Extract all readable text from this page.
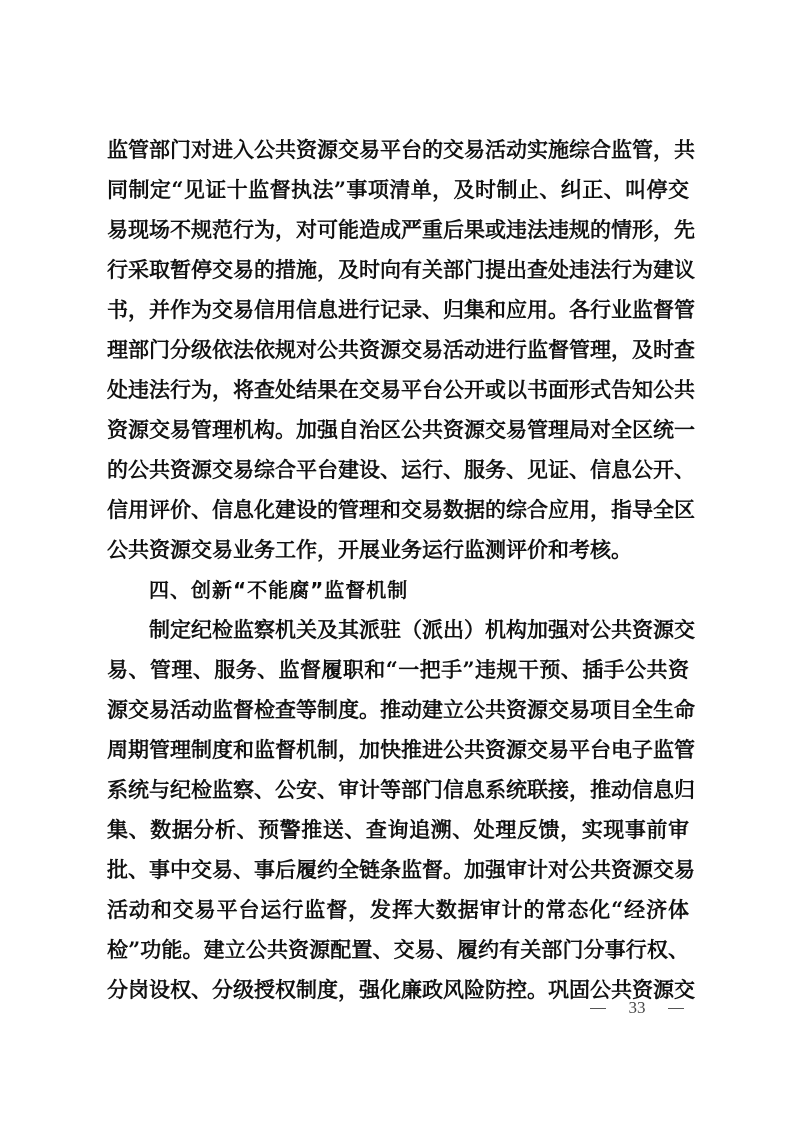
监管部门对进入公共资源交易平台的交易活动实施综合监管，共
同制定“见证十监督执法”事项清单，及时制止、纠正、叫停交
易现场不规范行为，对可能造成严重后果或违法违规的情形，先
行采取暂停交易的措施，及时向有关部门提出查处违法行为建议
书，并作为交易信用信息进行记录、归集和应用。各行业监督管
理部门分级依法依规对公共资源交易活动进行监督管理，及时查
处违法行为，将查处结果在交易平台公开或以书面形式告知公共
资源交易管理机构。加强自治区公共资源交易管理局对全区统一
的公共资源交易综合平台建设、运行、服务、见证、信息公开、
信用评价、信息化建设的管理和交易数据的综合应用，指导全区
公共资源交易业务工作，开展业务运行监测评价和考核。
四、创新“不能腐”监督机制
　　制定纪检监察机关及其派驻（派出）机构加强对公共资源交
易、管理、服务、监督履职和“一把手”违规干预、插手公共资
源交易活动监督检查等制度。推动建立公共资源交易项目全生命
周期管理制度和监督机制，加快推进公共资源交易平台电子监管
系统与纪检监察、公安、审计等部门信息系统联接，推动信息归
集、数据分析、预警推送、查询追溯、处理反馈，实现事前审
批、事中交易、事后履约全链条监督。加强审计对公共资源交易
活动和交易平台运行监督，发挥大数据审计的常态化“经济体
检”功能。建立公共资源配置、交易、履约有关部门分事行权、
分岗设权、分级授权制度，强化廉政风险防控。巩固公共资源交
33
